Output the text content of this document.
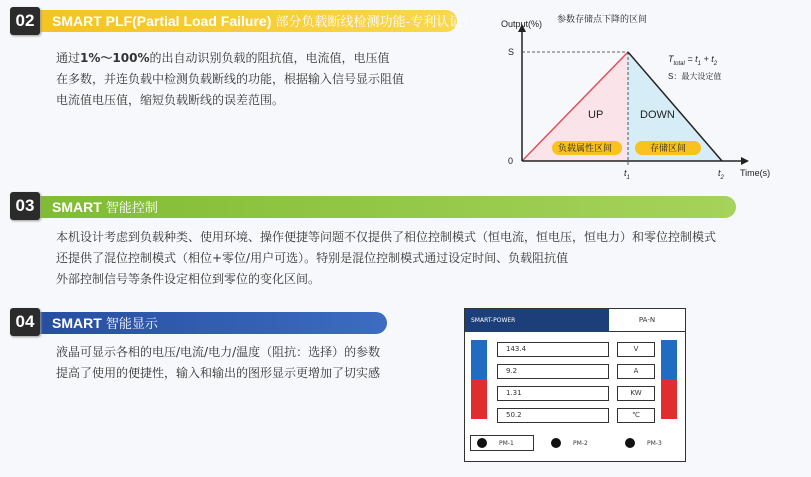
02	SMART PLF(Partial Load Failure) 部分负载断线检测功能-专利认证）
通过1%～100%的出自动识别负载的阻抗值，电流值，电压值
在多数，并连负载中检测负载断线的功能，根据输入信号显示阻值
电流值电压值，缩短负载断线的误差范围。
Output(%) 参数存储点下降的区间
S
0
UP	DOWN
负载属性区间	存储区间
$t_1$	$t_2$ Time(s)
$T_{total} = t_1 + t_2$
S：最大设定值
03	SMART 智能控制
本机设计考虑到负载种类、使用环境、操作便捷等问题不仅提供了相位控制模式（恒电流，恒电压，恒电力）和零位控制模式
还提供了混位控制模式（相位+零位/用户可选）。特别是混位控制模式通过设定时间、负载阻抗值
外部控制信号等条件设定相位到零位的变化区间。
04	SMART 智能显示
液晶可显示各相的电压/电流/电力/温度（阻抗：选择）的参数
提高了使用的便捷性，输入和输出的图形显示更增加了切实感
SMART-POWER	PA-N
143.4	V
9.2	A
1.31	KW
50.2	℃
PM-1	PM-2	PM-3
